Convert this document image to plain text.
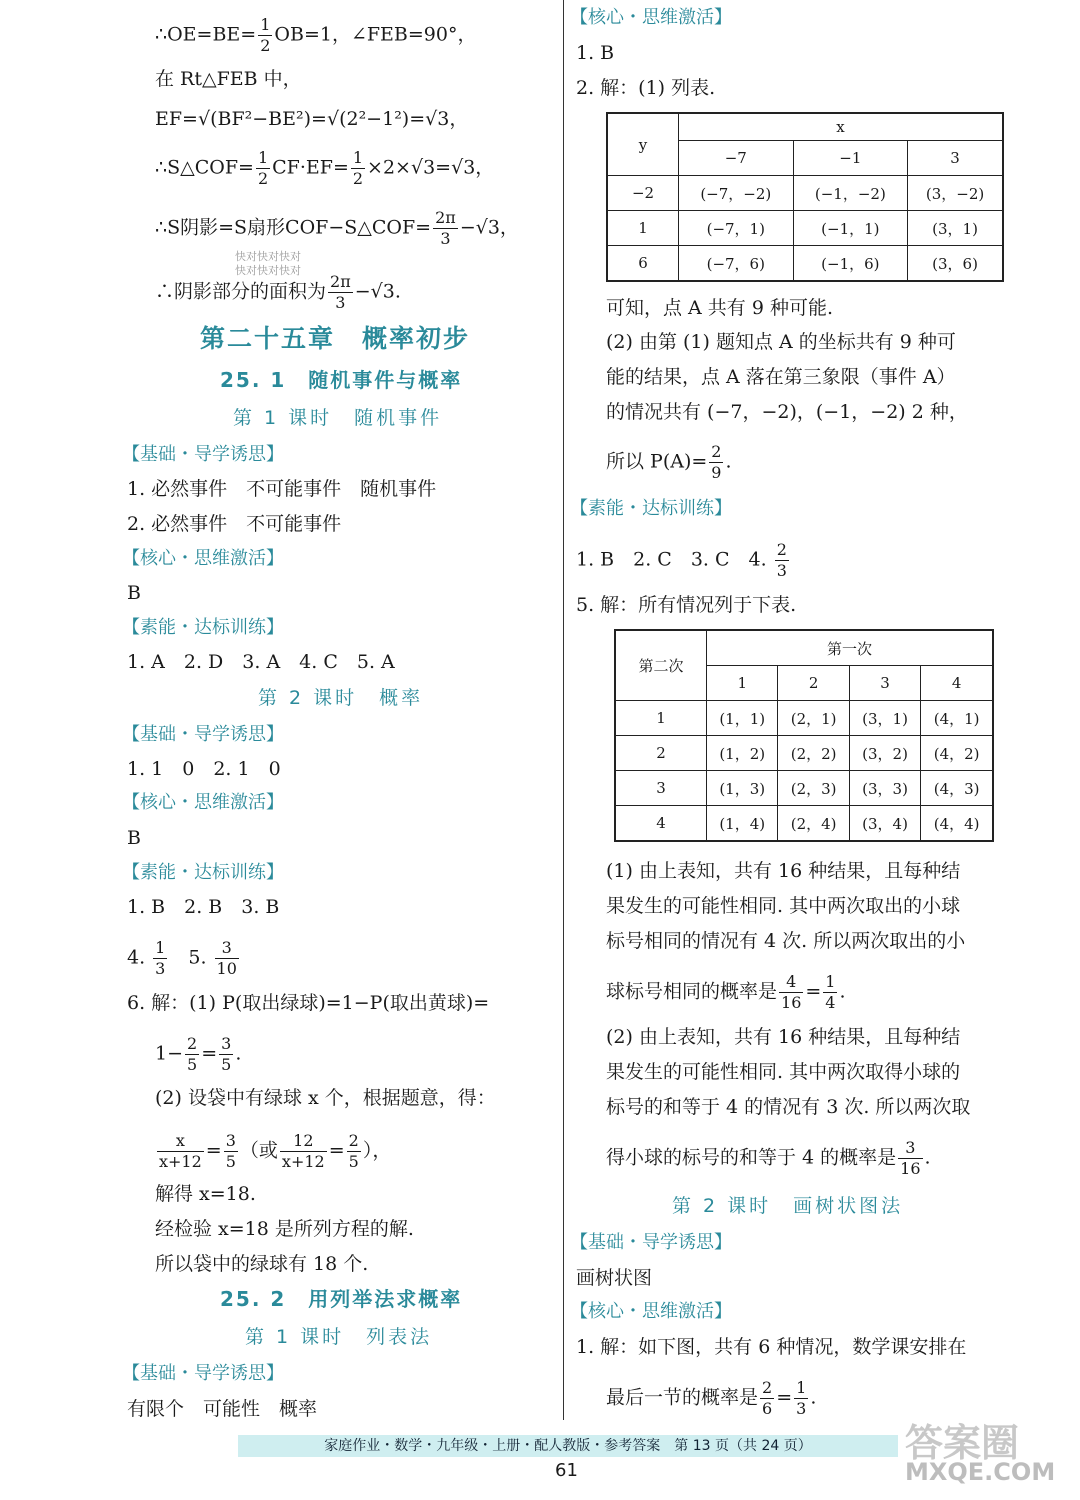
∴OE=BE= $\frac{1}{2} OB=1$，∠FEB=90°，
在 Rt△FEB 中，
EF=√(BF²−BE²)=√(2²−1²)=√3，
∴S△COF= $\frac{1}{2} CF\cdot EF= \frac{1}{2} \times 2\times√3=√3$，
∴S阴影=S扇形COF−S△COF= $\frac{2\pi}{3} -√3$，
快对快对快对
快对快对快对
∴阴影部分的面积为 $\frac{2\pi}{3} -√3$.
第二十五章　概率初步
25. 1　随机事件与概率
第 1 课时　随机事件
【基础・导学诱思】
1. 必然事件　不可能事件　随机事件
2. 必然事件　不可能事件
【核心・思维激活】
B
【素能・达标训练】
1. A　2. D　3. A　4. C　5. A
第 2 课时　概率
【基础・导学诱思】
1. 1　0　2. 1　0
【核心・思维激活】
B
【素能・达标训练】
1. B　2. B　3. B
4. $\frac{1}{3}$ 　5. $\frac{3}{10}$
6. 解：(1) P(取出绿球)=1−P(取出黄球)=
$1- \frac{2}{5} = \frac{3}{5}$ .
(2) 设袋中有绿球 x 个，根据题意，得：
$\frac{x}{x+12} = \frac{3}{5}$ （或 $\frac{12}{x+12} = \frac{2}{5}$ ），
解得 x=18.
经检验 x=18 是所列方程的解.
所以袋中的绿球有 18 个.
25. 2　用列举法求概率
第 1 课时　列表法
【基础・导学诱思】
有限个　可能性　概率
【核心・思维激活】
1. B
2. 解：(1) 列表.
y	x		
	−7	−1	3
−2	(−7，−2)	(−1，−2)	(3，−2)
1	(−7，1)	(−1，1)	(3，1)
6	(−7，6)	(−1，6)	(3，6)
可知，点 A 共有 9 种可能.
(2) 由第 (1) 题知点 A 的坐标共有 9 种可
能的结果，点 A 落在第三象限（事件 A）
的情况共有 (−7，−2)，(−1，−2) 2 种，
所以 $P(A)= \frac{2}{9}$ .
【素能・达标训练】
1. B　2. C　3. C　4. $\frac{2}{3}$
5. 解：所有情况列于下表.
第二次	第一次			
	1	2	3	4
1	(1，1)	(2，1)	(3，1)	(4，1)
2	(1，2)	(2，2)	(3，2)	(4，2)
3	(1，3)	(2，3)	(3，3)	(4，3)
4	(1，4)	(2，4)	(3，4)	(4，4)
(1) 由上表知，共有 16 种结果，且每种结
果发生的可能性相同. 其中两次取出的小球
标号相同的情况有 4 次. 所以两次取出的小
球标号相同的概率是 $\frac{4}{16} = \frac{1}{4}$ .
(2) 由上表知，共有 16 种结果，且每种结
果发生的可能性相同. 其中两次取得小球的
标号的和等于 4 的情况有 3 次. 所以两次取
得小球的标号的和等于 4 的概率是 $\frac{3}{16}$ .
第 2 课时　画树状图法
【基础・导学诱思】
画树状图
【核心・思维激活】
1. 解：如下图，共有 6 种情况，数学课安排在
最后一节的概率是 $\frac{2}{6} = \frac{1}{3}$ .
家庭作业・数学・九年级・上册・配人教版・参考答案　第 13 页（共 24 页）
61
答案圈
MXQE.COM
